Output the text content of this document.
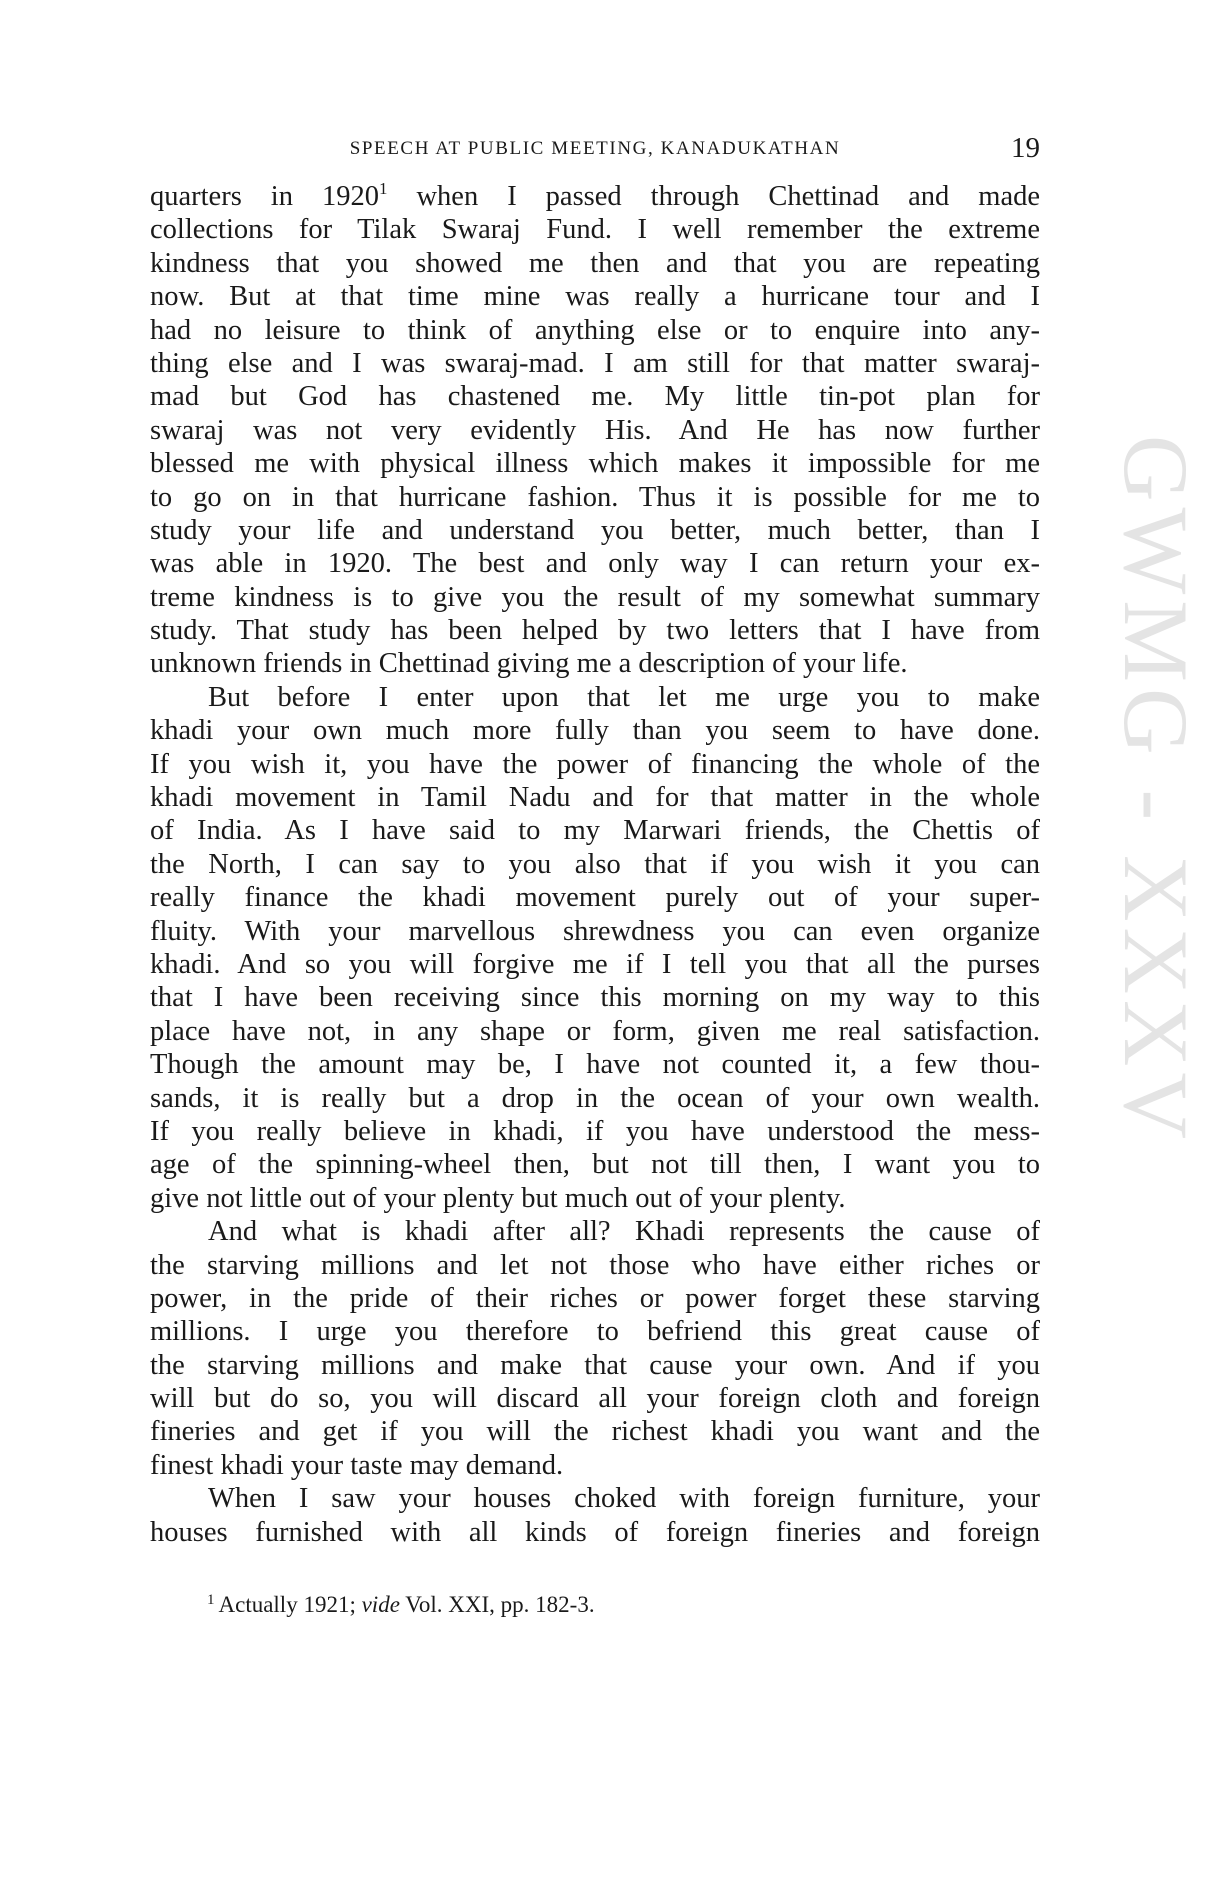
SPEECH AT PUBLIC MEETING, KANADUKATHAN	19
quarters in 1920$^1$ when I passed through Chettinad and made
collections for Tilak Swaraj Fund. I well remember the extreme
kindness that you showed me then and that you are repeating
now. But at that time mine was really a hurricane tour and I
had no leisure to think of anything else or to enquire into any-
thing else and I was swaraj-mad. I am still for that matter swaraj-
mad but God has chastened me. My little tin-pot plan for
swaraj was not very evidently His. And He has now further
blessed me with physical illness which makes it impossible for me
to go on in that hurricane fashion. Thus it is possible for me to
study your life and understand you better, much better, than I
was able in 1920. The best and only way I can return your ex-
treme kindness is to give you the result of my somewhat summary
study. That study has been helped by two letters that I have from
unknown friends in Chettinad giving me a description of your life.
But before I enter upon that let me urge you to make
khadi your own much more fully than you seem to have done.
If you wish it, you have the power of financing the whole of the
khadi movement in Tamil Nadu and for that matter in the whole
of India. As I have said to my Marwari friends, the Chettis of
the North, I can say to you also that if you wish it you can
really finance the khadi movement purely out of your super-
fluity. With your marvellous shrewdness you can even organize
khadi. And so you will forgive me if I tell you that all the purses
that I have been receiving since this morning on my way to this
place have not, in any shape or form, given me real satisfaction.
Though the amount may be, I have not counted it, a few thou-
sands, it is really but a drop in the ocean of your own wealth.
If you really believe in khadi, if you have understood the mess-
age of the spinning-wheel then, but not till then, I want you to
give not little out of your plenty but much out of your plenty.
And what is khadi after all? Khadi represents the cause of
the starving millions and let not those who have either riches or
power, in the pride of their riches or power forget these starving
millions. I urge you therefore to befriend this great cause of
the starving millions and make that cause your own. And if you
will but do so, you will discard all your foreign cloth and foreign
fineries and get if you will the richest khadi you want and the
finest khadi your taste may demand.
When I saw your houses choked with foreign furniture, your
houses furnished with all kinds of foreign fineries and foreign
GWMG - XXXV
$^1$ Actually 1921; vide Vol. XXI, pp. 182-3.
